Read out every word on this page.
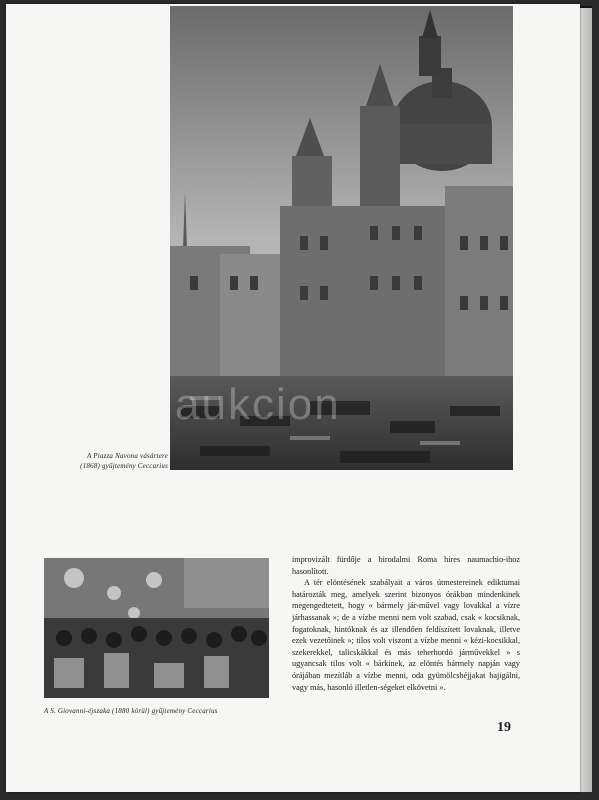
aukcion
A Piazza Navona vásártere
(1868) gyűjtemény Ceccarius
A S. Giovanni-éjszaka (1880 körül) gyűjtemény Ceccarius

improvizált fürdője a birodalmi Roma híres naumachio-ihoz hasonlított.

A tér elöntésének szabályait a város útmestereinek ediktumai határozták meg, amelyek szerint bizonyos órákban mindenkinek megengedtetett, hogy « bármely jár-művel vagy lovakkal a vízre járhassanak »; de a vízbe menni nem volt szabad, csak « kocsiknak, fogatoknak, hintóknak és az illendően feldíszített lovaknak, illetve ezek vezetőinek »; tilos volt viszont a vízbe menni « kézi-kocsikkal, szekerekkel, talicskákkal és más teherhordó járművekkel » s ugyancsak tilos volt « bárkinek, az elöntés bármely napján vagy órájában mezítláb a vízbe menni, oda gyümölcshéjjakat hajigálni, vagy más, hasonló illetlen-ségeket elkövetni ».

19
